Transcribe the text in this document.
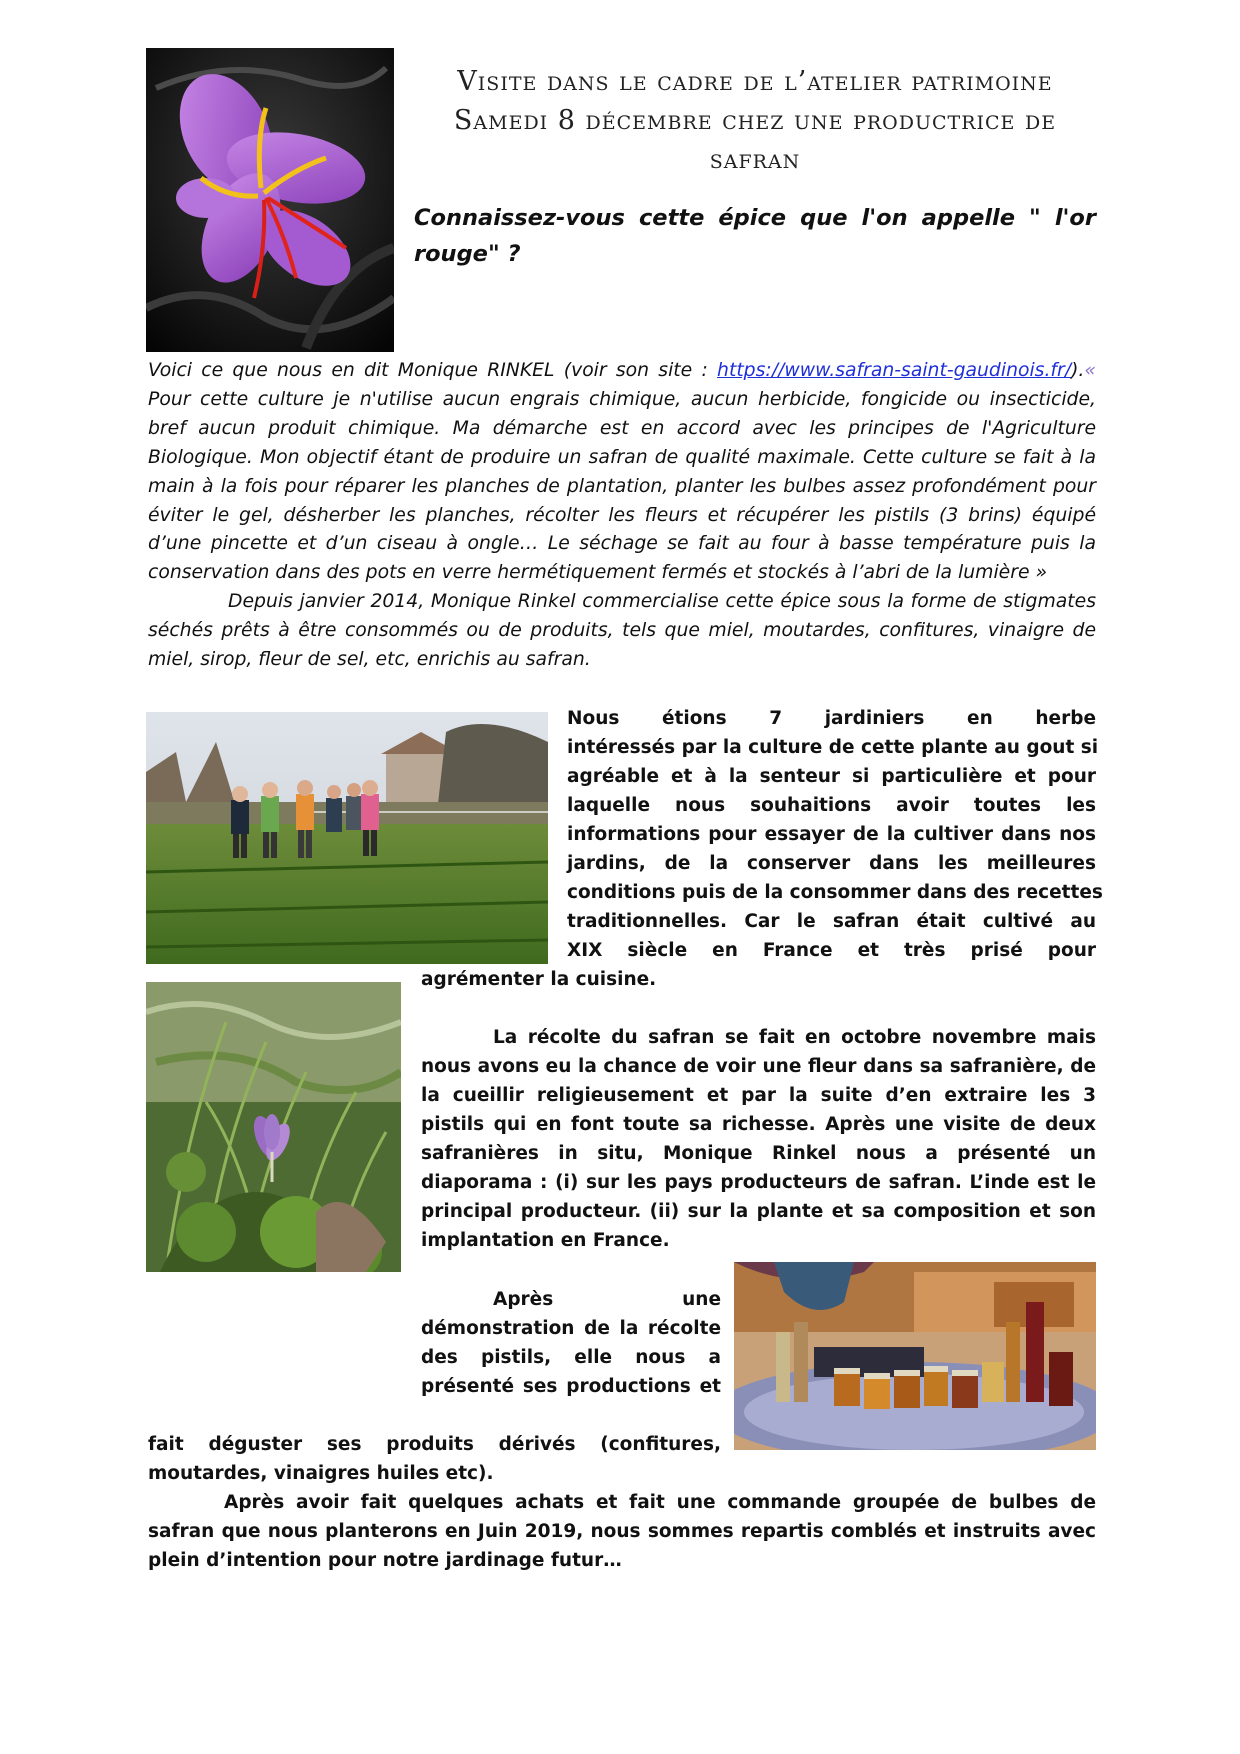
Visite dans le cadre de l’atelier patrimoine
Samedi 8 décembre chez une productrice de
safran
Connaissez-vous cette épice que l'on appelle " l'or rouge" ?

Voici ce que nous en dit Monique RINKEL (voir son site : https://www.safran-saint-gaudinois.fr/).« Pour cette culture je n'utilise aucun engrais chimique, aucun herbicide, fongicide ou insecticide, bref aucun produit chimique. Ma démarche est en accord avec les principes de l'Agriculture Biologique. Mon objectif étant de produire un safran de qualité maximale. Cette culture se fait à la main à la fois pour réparer les planches de plantation, planter les bulbes assez profondément pour éviter le gel, désherber les planches, récolter les fleurs et récupérer les pistils (3 brins) équipé d’une pincette et d’un ciseau à ongle… Le séchage se fait au four à basse température puis la conservation dans des pots en verre hermétiquement fermés et stockés à l’abri de la lumière »

Depuis janvier 2014, Monique Rinkel commercialise cette épice sous la forme de stigmates séchés prêts à être consommés ou de produits, tels que miel, moutardes, confitures, vinaigre de miel, sirop, fleur de sel, etc, enrichis au safran.

Nous étions 7 jardiniers en herbe
intéressés par la culture de cette plante au gout si
agréable et à la senteur si particulière et pour
laquelle nous souhaitions avoir toutes les
informations pour essayer de la cultiver dans nos
jardins, de la conserver dans les meilleures
conditions puis de la consommer dans des recettes
traditionnelles. Car le safran était cultivé au
XIX siècle en France et très prisé pour
agrémenter la cuisine.
La récolte du safran se fait en octobre novembre mais nous avons eu la chance de voir une fleur dans sa safranière, de la cueillir religieusement et par la suite d’en extraire les 3 pistils qui en font toute sa richesse. Après une visite de deux safranières in situ, Monique Rinkel nous a présenté un diaporama : (i) sur les pays producteurs de safran. L’inde est le principal producteur. (ii) sur la plante et sa composition et son implantation en France.
Après une
démonstration de la récolte
des pistils, elle nous a
présenté ses productions et
fait déguster ses produits dérivés (confitures,
moutardes, vinaigres huiles etc).
Après avoir fait quelques achats et fait une commande groupée de bulbes de safran que nous planterons en Juin 2019, nous sommes repartis comblés et instruits avec plein d’intention pour notre jardinage futur…
